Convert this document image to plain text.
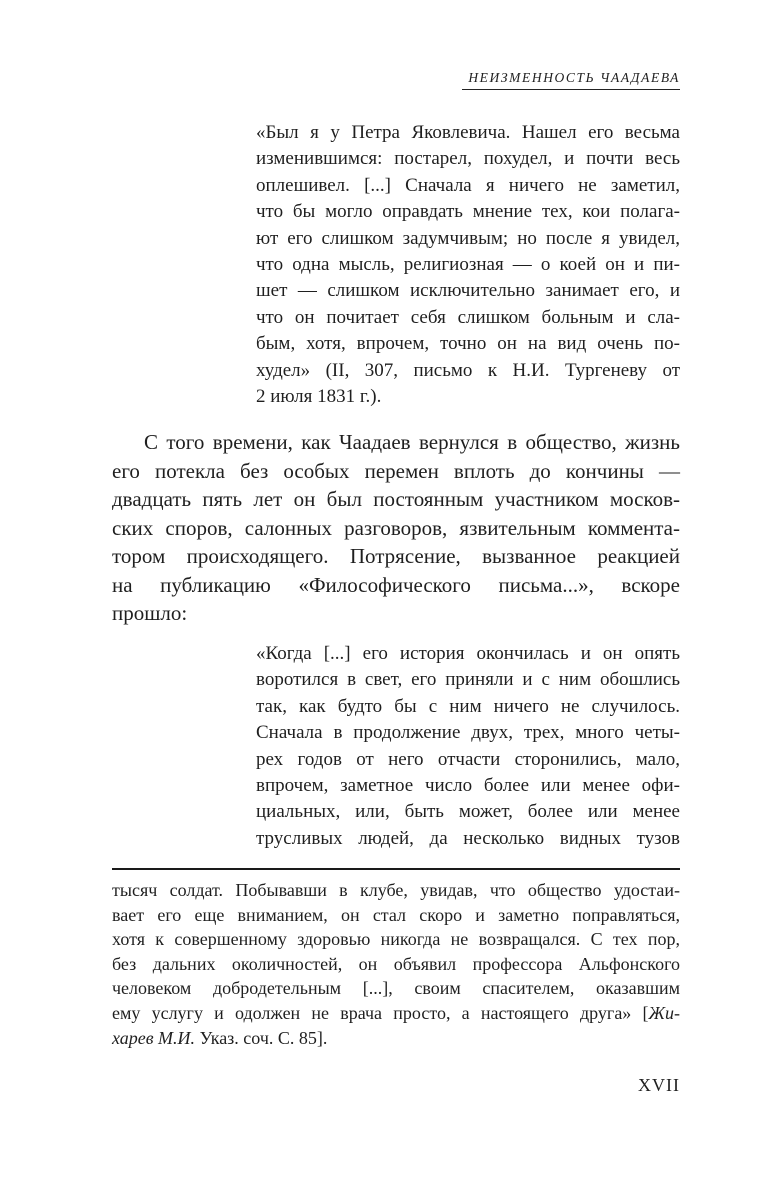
НЕИЗМЕННОСТЬ ЧААДАЕВА
«Был я у Петра Яковлевича. Нашел его весьма
изменившимся: постарел, похудел, и почти весь
оплешивел. [...] Сначала я ничего не заметил,
что бы могло оправдать мнение тех, кои полага-
ют его слишком задумчивым; но после я увидел,
что одна мысль, религиозная — о коей он и пи-
шет — слишком исключительно занимает его, и
что он почитает себя слишком больным и сла-
бым, хотя, впрочем, точно он на вид очень по-
худел» (II, 307, письмо к Н.И. Тургеневу от
2 июля 1831 г.).
С того времени, как Чаадаев вернулся в общество, жизнь
его потекла без особых перемен вплоть до кончины —
двадцать пять лет он был постоянным участником москов-
ских споров, салонных разговоров, язвительным коммента-
тором происходящего. Потрясение, вызванное реакцией
на публикацию «Философического письма...», вскоре
прошло:
«Когда [...] его история окончилась и он опять
воротился в свет, его приняли и с ним обошлись
так, как будто бы с ним ничего не случилось.
Сначала в продолжение двух, трех, много четы-
рех годов от него отчасти сторонились, мало,
впрочем, заметное число более или менее офи-
циальных, или, быть может, более или менее
трусливых людей, да несколько видных тузов
тысяч солдат. Побывавши в клубе, увидав, что общество удостаи-
вает его еще вниманием, он стал скоро и заметно поправляться,
хотя к совершенному здоровью никогда не возвращался. С тех пор,
без дальних околичностей, он объявил профессора Альфонского
человеком добродетельным [...], своим спасителем, оказавшим
ему услугу и одолжен не врача просто, а настоящего друга» [Жи-
харев М.И. Указ. соч. С. 85].
XVII
